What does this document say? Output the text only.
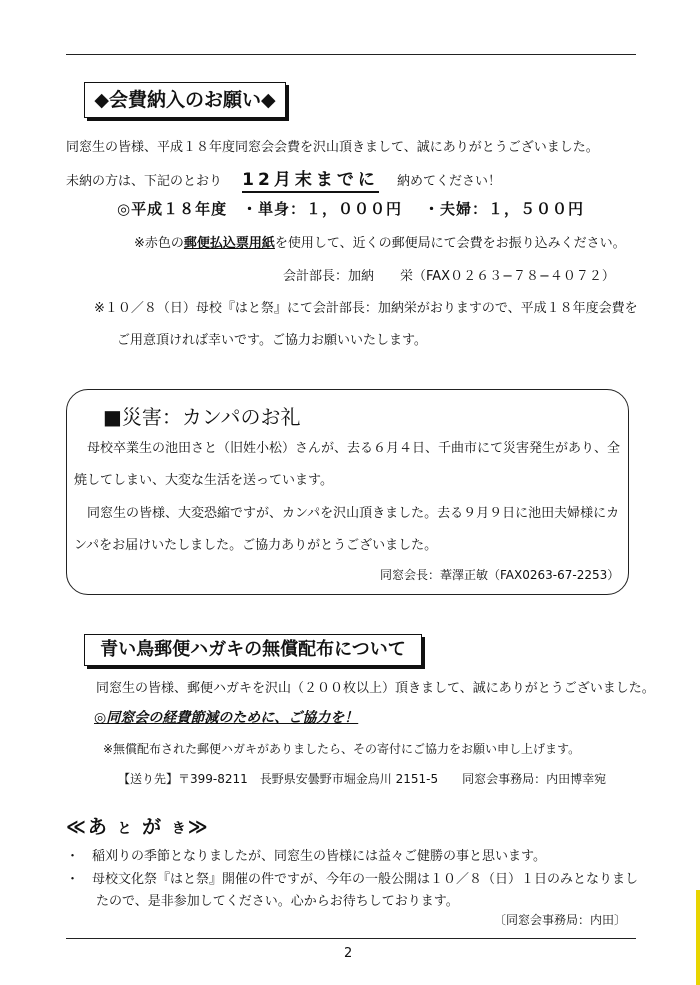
◆会費納入のお願い◆
同窓生の皆様、平成１８年度同窓会会費を沢山頂きまして、誠にありがとうございました。
未納の方は、下記のとおり 12月末までに 納めてください！
◎平成１８年度 ・単身：１，０００円 ・夫婦：１，５００円
※赤色の郵便払込票用紙を使用して、近くの郵便局にて会費をお振り込みください。
会計部長：加納　　栄（FAX０２６３−７８−４０７２）
※１０／８（日）母校『はと祭』にて会計部長：加納栄がおりますので、平成１８年度会費を
ご用意頂ければ幸いです。ご協力お願いいたします。
■災害：カンパのお礼
母校卒業生の池田さと（旧姓小松）さんが、去る６月４日、千曲市にて災害発生があり、全
焼してしまい、大変な生活を送っています。
同窓生の皆様、大変恐縮ですが、カンパを沢山頂きました。去る９月９日に池田夫婦様にカ
ンパをお届けいたしました。ご協力ありがとうございました。
同窓会長：葦澤正敏（FAX0263-67-2253）
青い鳥郵便ハガキの無償配布について
同窓生の皆様、郵便ハガキを沢山（２００枚以上）頂きまして、誠にありがとうございました。
◎同窓会の経費節減のために、ご協力を！
※無償配布された郵便ハガキがありましたら、その寄付にご協力をお願い申し上げます。
【送り先】〒399-8211　長野県安曇野市堀金烏川 2151-5　　同窓会事務局：内田博幸宛
≪あ と が き≫
・　稲刈りの季節となりましたが、同窓生の皆様には益々ご健勝の事と思います。
・　母校文化祭『はと祭』開催の件ですが、今年の一般公開は１０／８（日）１日のみとなりまし
たので、是非参加してください。心からお待ちしております。
〔同窓会事務局：内田〕
2
